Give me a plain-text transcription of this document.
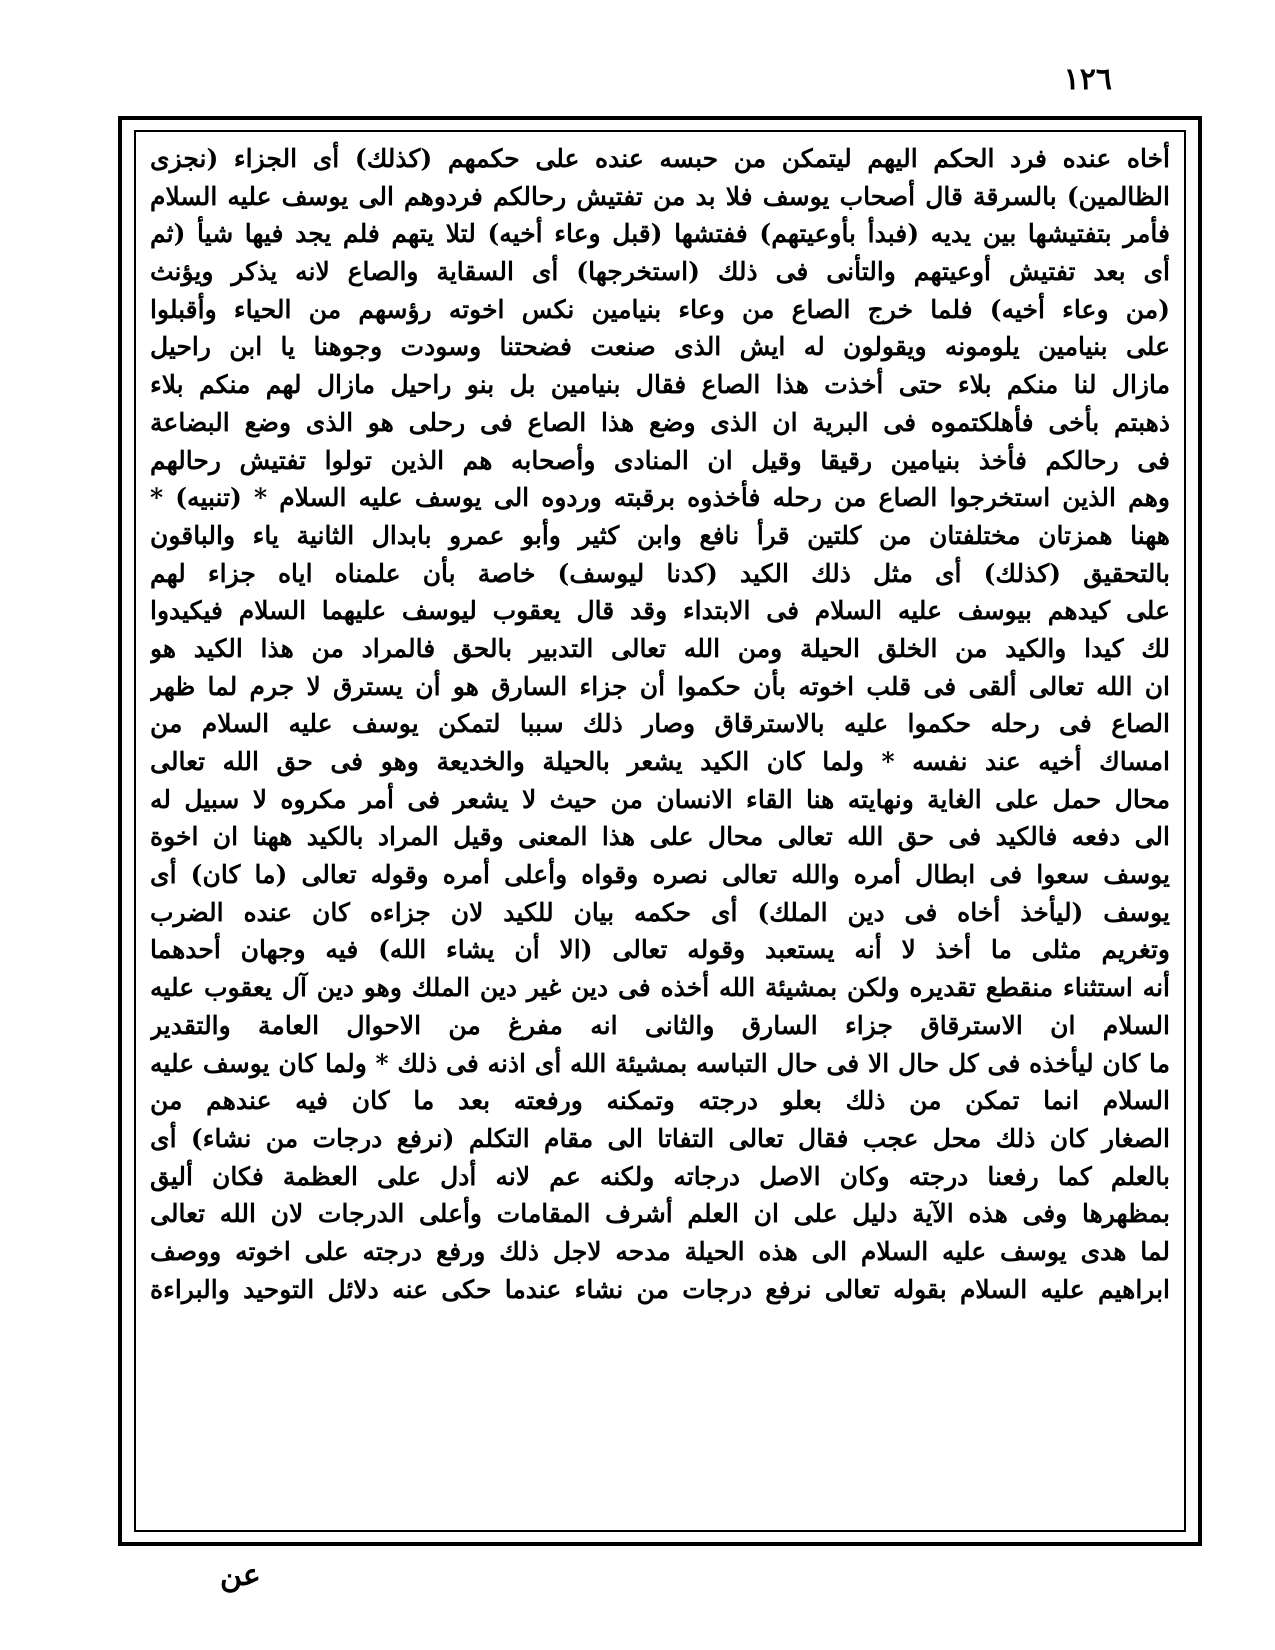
١٢٦
أخاه عنده فرد الحكم اليهم ليتمكن من حبسه عنده على حكمهم (كذلك) أى الجزاء (نجزى
الظالمين) بالسرقة قال أصحاب يوسف فلا بد من تفتيش رحالكم فردوهم الى يوسف عليه السلام
فأمر بتفتيشها بين يديه (فبدأ بأوعيتهم) ففتشها (قبل وعاء أخيه) لتلا يتهم فلم يجد فيها شيأ (ثم
أى بعد تفتيش أوعيتهم والتأنى فى ذلك (استخرجها) أى السقاية والصاع لانه يذكر ويؤنث
(من وعاء أخيه) فلما خرج الصاع من وعاء بنيامين نكس اخوته رؤسهم من الحياء وأقبلوا
على بنيامين يلومونه ويقولون له ايش الذى صنعت فضحتنا وسودت وجوهنا يا ابن راحيل
مازال لنا منكم بلاء حتى أخذت هذا الصاع فقال بنيامين بل بنو راحيل مازال لهم منكم بلاء
ذهبتم بأخى فأهلكتموه فى البرية ان الذى وضع هذا الصاع فى رحلى هو الذى وضع البضاعة
فى رحالكم فأخذ بنيامين رقيقا وقيل ان المنادى وأصحابه هم الذين تولوا تفتيش رحالهم
وهم الذين استخرجوا الصاع من رحله فأخذوه برقبته وردوه الى يوسف عليه السلام * (تنبيه) *
ههنا همزتان مختلفتان من كلتين قرأ نافع وابن كثير وأبو عمرو بابدال الثانية ياء والباقون
بالتحقيق (كذلك) أى مثل ذلك الكيد (كدنا ليوسف) خاصة بأن علمناه اياه جزاء لهم
على كيدهم بيوسف عليه السلام فى الابتداء وقد قال يعقوب ليوسف عليهما السلام فيكيدوا
لك كيدا والكيد من الخلق الحيلة ومن الله تعالى التدبير بالحق فالمراد من هذا الكيد هو
ان الله تعالى ألقى فى قلب اخوته بأن حكموا أن جزاء السارق هو أن يسترق لا جرم لما ظهر
الصاع فى رحله حكموا عليه بالاسترقاق وصار ذلك سببا لتمكن يوسف عليه السلام من
امساك أخيه عند نفسه * ولما كان الكيد يشعر بالحيلة والخديعة وهو فى حق الله تعالى
محال حمل على الغاية ونهايته هنا القاء الانسان من حيث لا يشعر فى أمر مكروه لا سبيل له
الى دفعه فالكيد فى حق الله تعالى محال على هذا المعنى وقيل المراد بالكيد ههنا ان اخوة
يوسف سعوا فى ابطال أمره والله تعالى نصره وقواه وأعلى أمره وقوله تعالى (ما كان) أى
يوسف (ليأخذ أخاه فى دين الملك) أى حكمه بيان للكيد لان جزاءه كان عنده الضرب
وتغريم مثلى ما أخذ لا أنه يستعبد وقوله تعالى (الا أن يشاء الله) فيه وجهان أحدهما
أنه استثناء منقطع تقديره ولكن بمشيئة الله أخذه فى دين غير دين الملك وهو دين آل يعقوب عليه
السلام ان الاسترقاق جزاء السارق والثانى انه مفرغ من الاحوال العامة والتقدير
ما كان ليأخذه فى كل حال الا فى حال التباسه بمشيئة الله أى اذنه فى ذلك * ولما كان يوسف عليه
السلام انما تمكن من ذلك بعلو درجته وتمكنه ورفعته بعد ما كان فيه عندهم من
الصغار كان ذلك محل عجب فقال تعالى التفاتا الى مقام التكلم (نرفع درجات من نشاء) أى
بالعلم كما رفعنا درجته وكان الاصل درجاته ولكنه عم لانه أدل على العظمة فكان أليق
بمظهرها وفى هذه الآية دليل على ان العلم أشرف المقامات وأعلى الدرجات لان الله تعالى
لما هدى يوسف عليه السلام الى هذه الحيلة مدحه لاجل ذلك ورفع درجته على اخوته ووصف
ابراهيم عليه السلام بقوله تعالى نرفع درجات من نشاء عندما حكى عنه دلائل التوحيد والبراءة
عن
